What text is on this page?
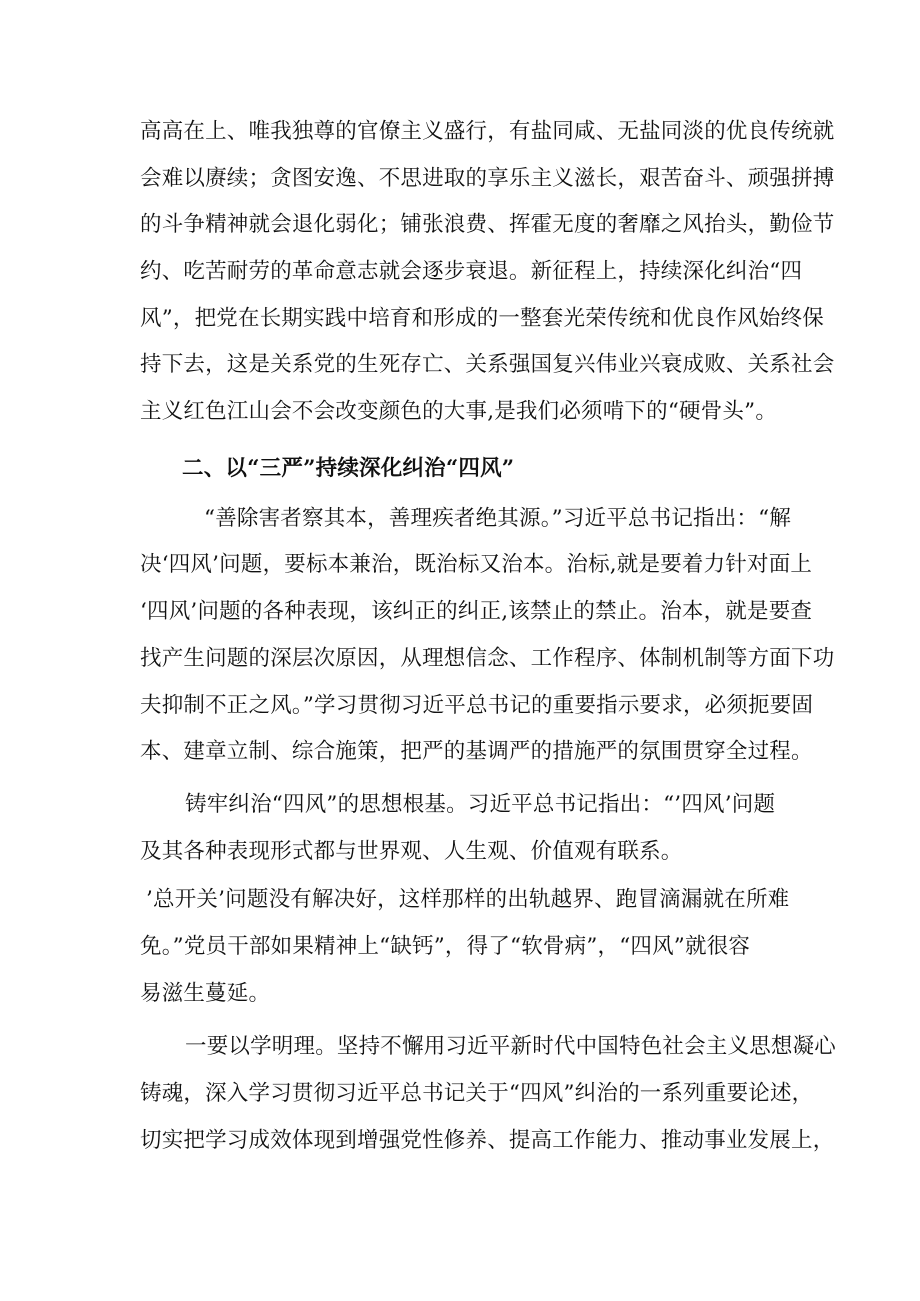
高高在上、唯我独尊的官僚主义盛行，有盐同咸、无盐同淡的优良传统就
会难以赓续；贪图安逸、不思进取的享乐主义滋长，艰苦奋斗、顽强拼搏
的斗争精神就会退化弱化；铺张浪费、挥霍无度的奢靡之风抬头，勤俭节
约、吃苦耐劳的革命意志就会逐步衰退。新征程上，持续深化纠治“四
风”，把党在长期实践中培育和形成的一整套光荣传统和优良作风始终保
持下去，这是关系党的生死存亡、关系强国复兴伟业兴衰成败、关系社会
主义红色江山会不会改变颜色的大事,是我们必须啃下的“硬骨头”。
二、以“三严”持续深化纠治“四风”
“善除害者察其本，善理疾者绝其源。”习近平总书记指出：“解
决‘四风’问题，要标本兼治，既治标又治本。治标,就是要着力针对面上
‘四风’问题的各种表现，该纠正的纠正,该禁止的禁止。治本，就是要查
找产生问题的深层次原因，从理想信念、工作程序、体制机制等方面下功
夫抑制不正之风。”学习贯彻习近平总书记的重要指示要求，必须扼要固
本、建章立制、综合施策，把严的基调严的措施严的氛围贯穿全过程。
铸牢纠治“四风”的思想根基。习近平总书记指出：“’四风’问题
及其各种表现形式都与世界观、人生观、价值观有联系。
’总开关’问题没有解决好，这样那样的出轨越界、跑冒滴漏就在所难
免。”党员干部如果精神上“缺钙”，得了“软骨病”，“四风”就很容
易滋生蔓延。
一要以学明理。坚持不懈用习近平新时代中国特色社会主义思想凝心
铸魂，深入学习贯彻习近平总书记关于“四风”纠治的一系列重要论述，
切实把学习成效体现到增强党性修养、提高工作能力、推动事业发展上，
